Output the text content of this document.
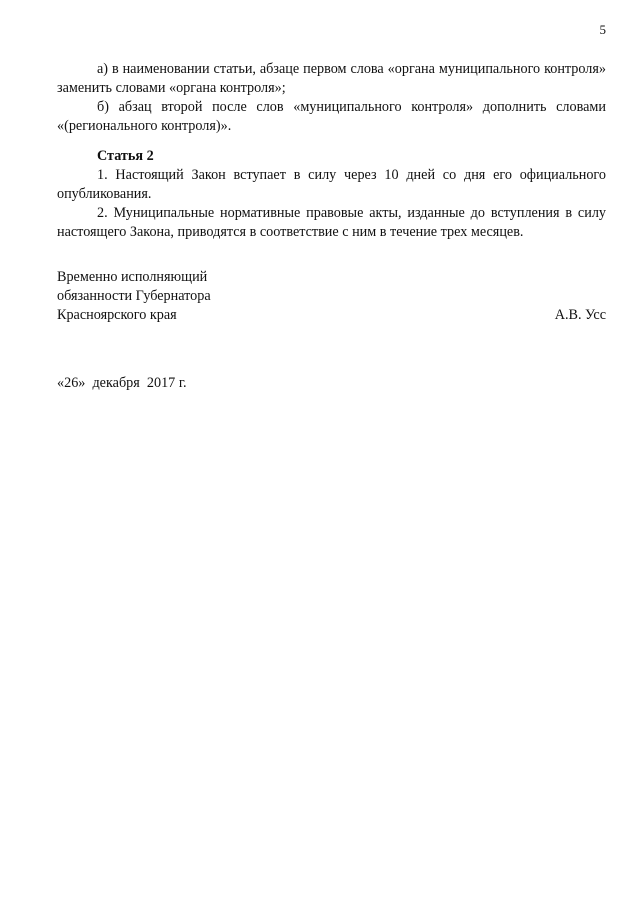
5

а) в наименовании статьи, абзаце первом слова «органа муниципального контроля» заменить словами «органа контроля»;

б) абзац второй после слов «муниципального контроля» дополнить словами «(регионального контроля)».

Статья 2

1. Настоящий Закон вступает в силу через 10 дней со дня его официального опубликования.

2. Муниципальные нормативные правовые акты, изданные до вступления в силу настоящего Закона, приводятся в соответствие с ним в течение трех месяцев.

Временно исполняющий

обязанности Губернатора

Красноярского края	А.В. Усс

«26»  декабря  2017 г.
